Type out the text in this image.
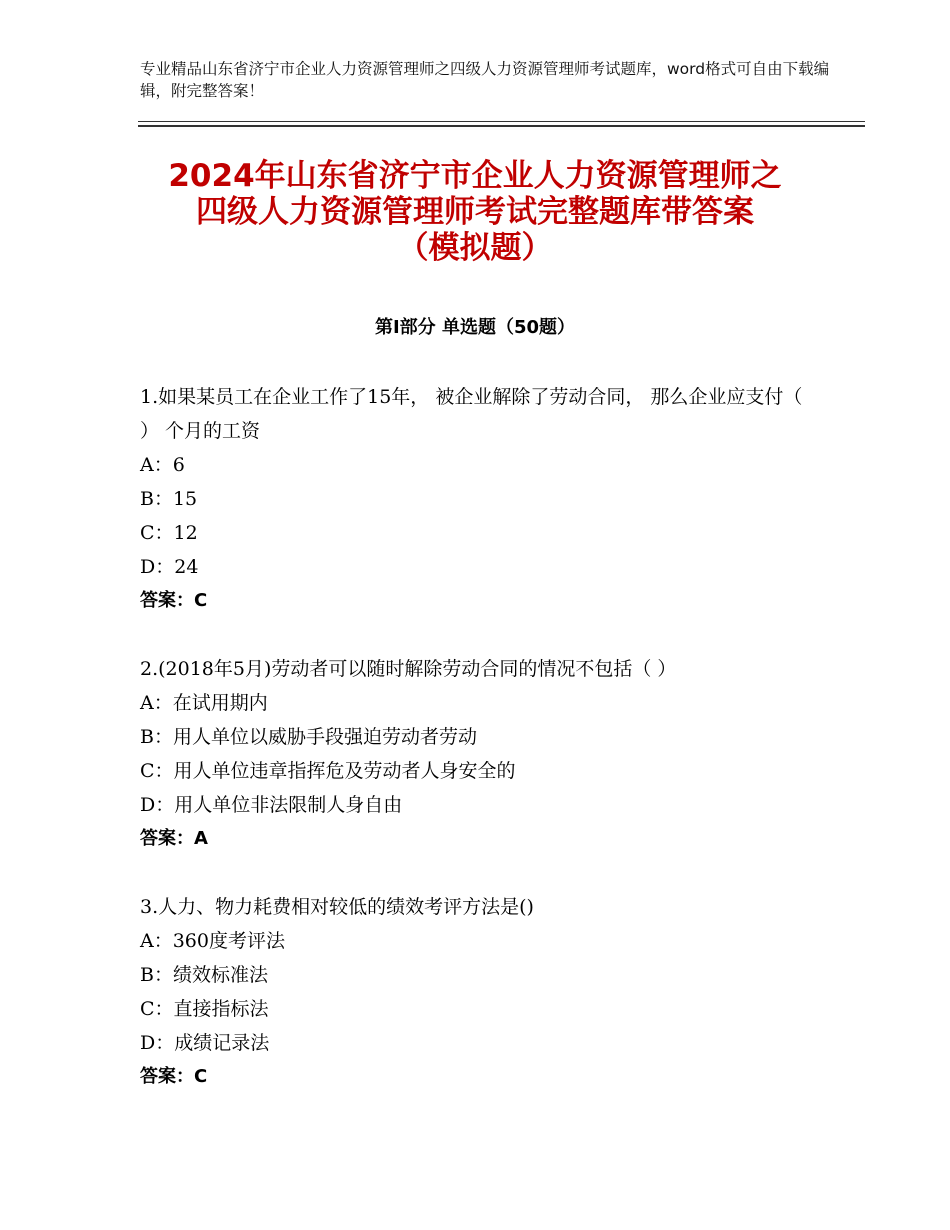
专业精品山东省济宁市企业人力资源管理师之四级人力资源管理师考试题库，word格式可自由下载编辑，附完整答案！
2024年山东省济宁市企业人力资源管理师之
四级人力资源管理师考试完整题库带答案
（模拟题）
第Ⅰ部分 单选题（50题）

1.如果某员工在企业工作了15年， 被企业解除了劳动合同， 那么企业应支付（ ） 个月的工资

A：6

B：15

C：12

D：24

答案：C

2.(2018年5月)劳动者可以随时解除劳动合同的情况不包括（ ）

A：在试用期内

B：用人单位以威胁手段强迫劳动者劳动

C：用人单位违章指挥危及劳动者人身安全的

D：用人单位非法限制人身自由

答案：A

3.人力、物力耗费相对较低的绩效考评方法是()

A：360度考评法

B：绩效标准法

C：直接指标法

D：成绩记录法

答案：C
